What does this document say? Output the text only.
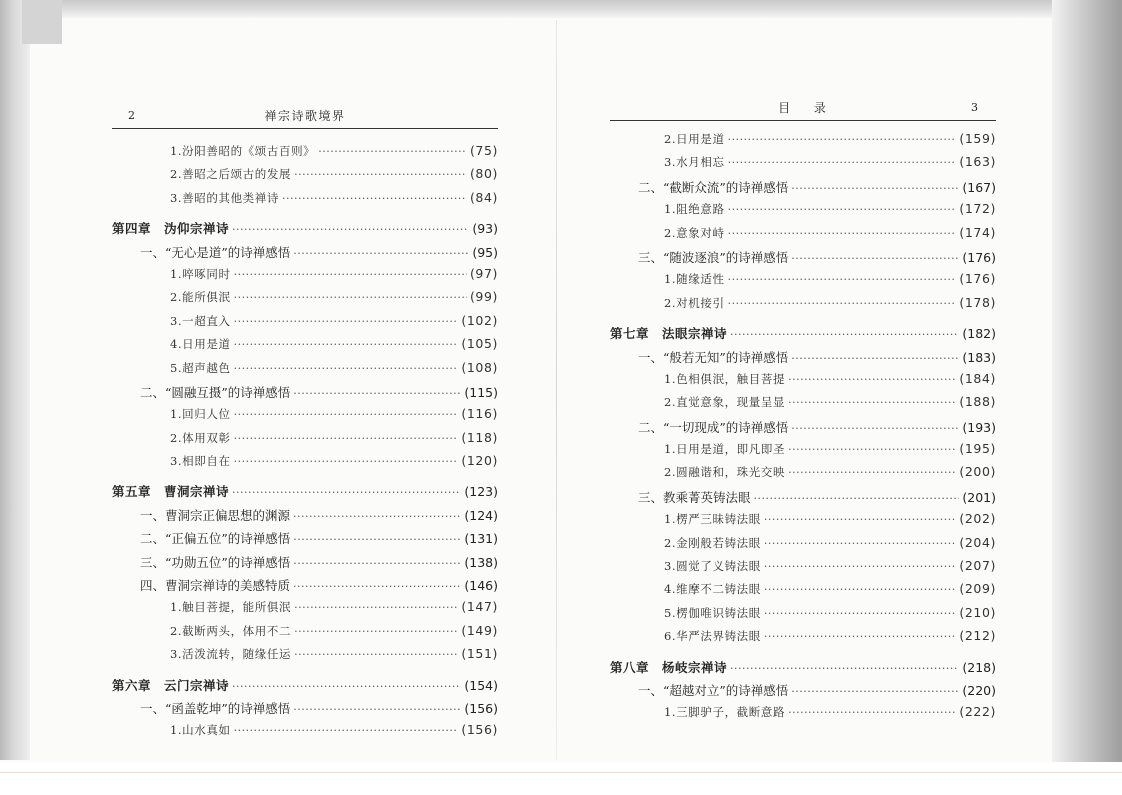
2	禅宗诗歌境界
1.汾阳善昭的《颂古百则》 ·····	(75)
2.善昭之后颂古的发展 ·····	(80)
3.善昭的其他类禅诗 ·····	(84)
第四章　沩仰宗禅诗 ·····	(93)
一、“无心是道”的诗禅感悟 ·····	(95)
1.啐啄同时 ·····	(97)
2.能所俱泯 ·····	(99)
3.一超直入 ·····	(102)
4.日用是道 ·····	(105)
5.超声越色 ·····	(108)
二、“圆融互摄”的诗禅感悟 ·····	(115)
1.回归人位 ·····	(116)
2.体用双彰 ·····	(118)
3.相即自在 ·····	(120)
第五章　曹洞宗禅诗 ·····	(123)
一、曹洞宗正偏思想的渊源 ·····	(124)
二、“正偏五位”的诗禅感悟 ·····	(131)
三、“功勋五位”的诗禅感悟 ·····	(138)
四、曹洞宗禅诗的美感特质 ·····	(146)
1.触目菩提，能所俱泯 ·····	(147)
2.截断两头，体用不二 ·····	(149)
3.活泼流转，随缘任运 ·····	(151)
第六章　云门宗禅诗 ·····	(154)
一、“函盖乾坤”的诗禅感悟 ·····	(156)
1.山水真如 ·····	(156)
目 录	3
2.日用是道 ·····	(159)
3.水月相忘 ·····	(163)
二、“截断众流”的诗禅感悟 ·····	(167)
1.阻绝意路 ·····	(172)
2.意象对峙 ·····	(174)
三、“随波逐浪”的诗禅感悟 ·····	(176)
1.随缘适性 ·····	(176)
2.对机接引 ·····	(178)
第七章　法眼宗禅诗 ·····	(182)
一、“般若无知”的诗禅感悟 ·····	(183)
1.色相俱泯，触目菩提 ·····	(184)
2.直觉意象，现量呈显 ·····	(188)
二、“一切现成”的诗禅感悟 ·····	(193)
1.日用是道，即凡即圣 ·····	(195)
2.圆融谐和，珠光交映 ·····	(200)
三、教乘菁英铸法眼 ·····	(201)
1.楞严三昧铸法眼 ·····	(202)
2.金刚般若铸法眼 ·····	(204)
3.圆觉了义铸法眼 ·····	(207)
4.维摩不二铸法眼 ·····	(209)
5.楞伽唯识铸法眼 ·····	(210)
6.华严法界铸法眼 ·····	(212)
第八章　杨岐宗禅诗 ·····	(218)
一、“超越对立”的诗禅感悟 ·····	(220)
1.三脚驴子，截断意路 ·····	(222)
